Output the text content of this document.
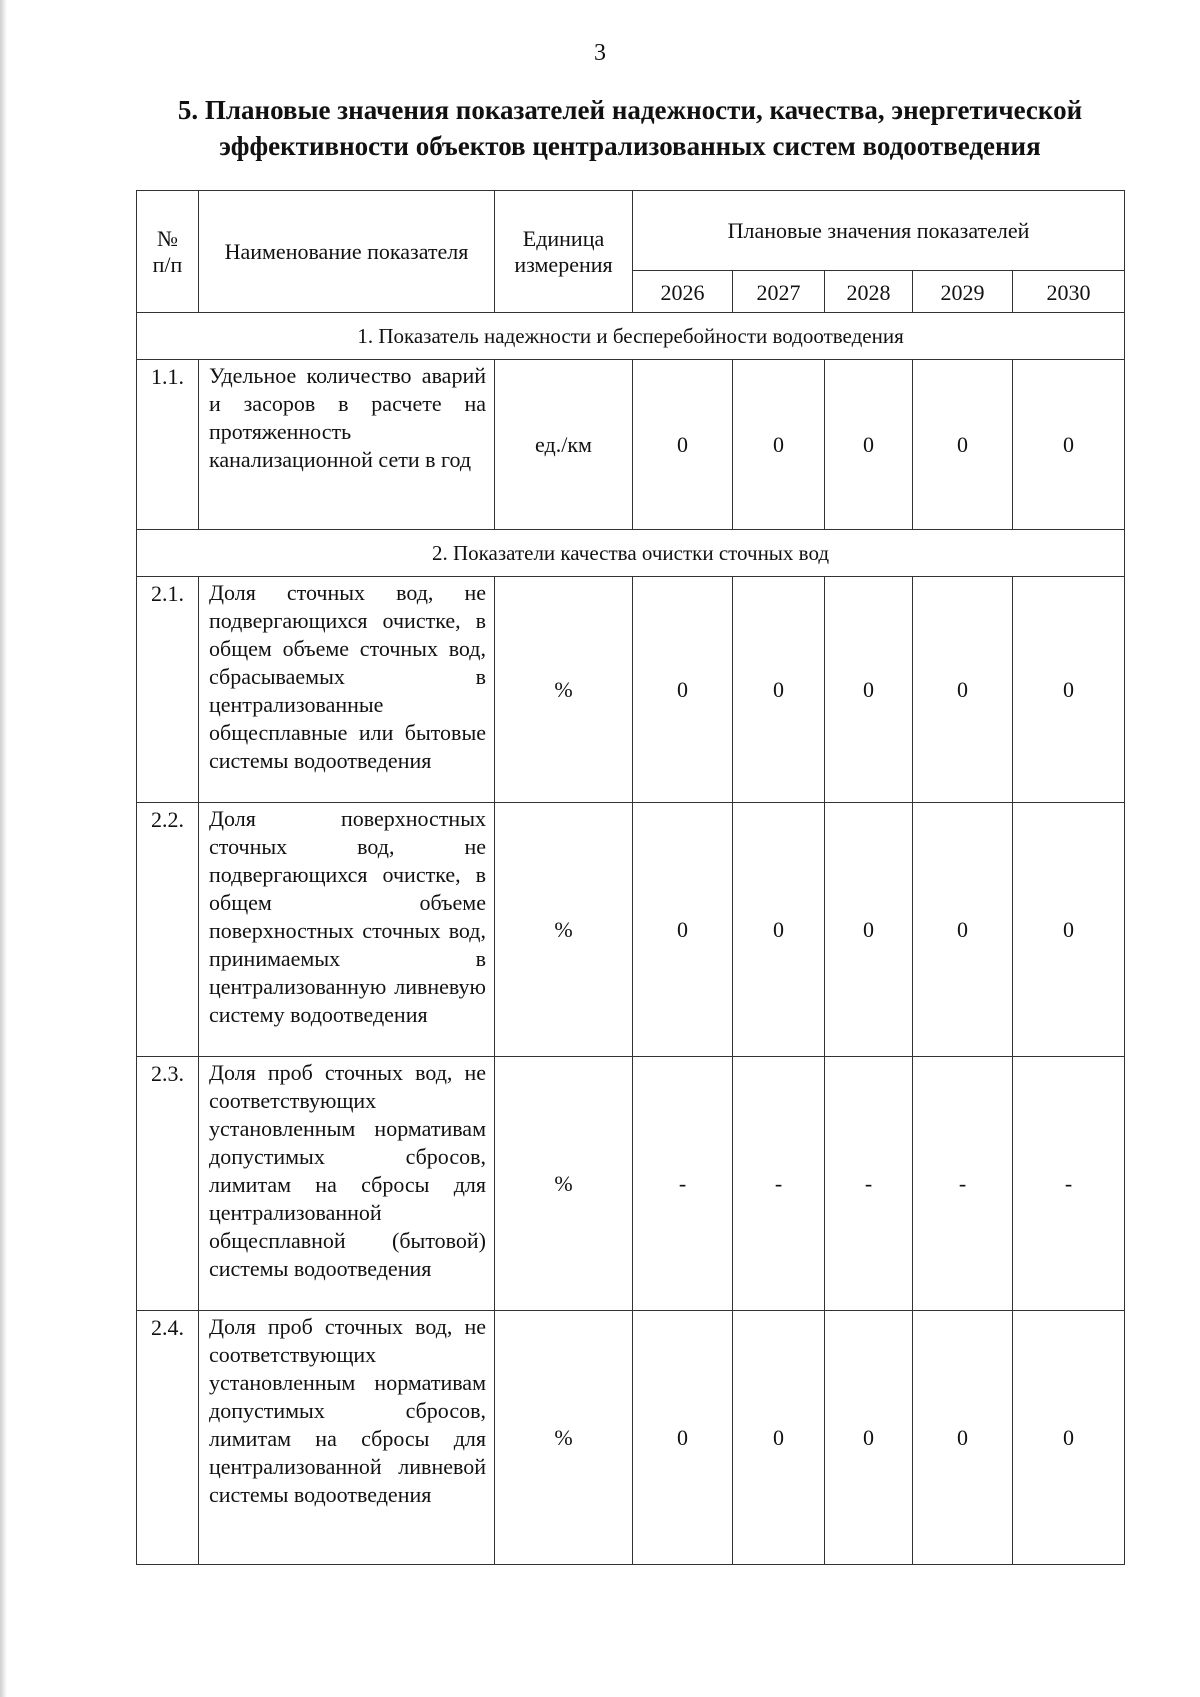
3
5. Плановые значения показателей надежности, качества, энергетической
эффективности объектов централизованных систем водоотведения
№ п/п	Наименование показателя	Единица измерения	Плановые значения показателей				
			2026	2027	2028	2029	2030
1. Показатель надежности и бесперебойности водоотведения							
1.1.	Удельное количество аварий и засоров в расчете на протяженность канализационной сети в год	ед./км	0	0	0	0	0
2. Показатели качества очистки сточных вод							
2.1.	Доля сточных вод, не подвергающихся очистке, в общем объеме сточных вод, сбрасываемых в централизованные общесплавные или бытовые системы водоотведения	%	0	0	0	0	0
2.2.	Доля поверхностных сточных вод, не подвергающихся очистке, в общем объеме поверхностных сточных вод, принимаемых в централизованную ливневую систему водоотведения	%	0	0	0	0	0
2.3.	Доля проб сточных вод, не соответствующих установленным нормативам допустимых сбросов, лимитам на сбросы для централизованной общесплавной (бытовой) системы водоотведения	%	-	-	-	-	-
2.4.	Доля проб сточных вод, не соответствующих установленным нормативам допустимых сбросов, лимитам на сбросы для централизованной ливневой системы водоотведения	%	0	0	0	0	0
